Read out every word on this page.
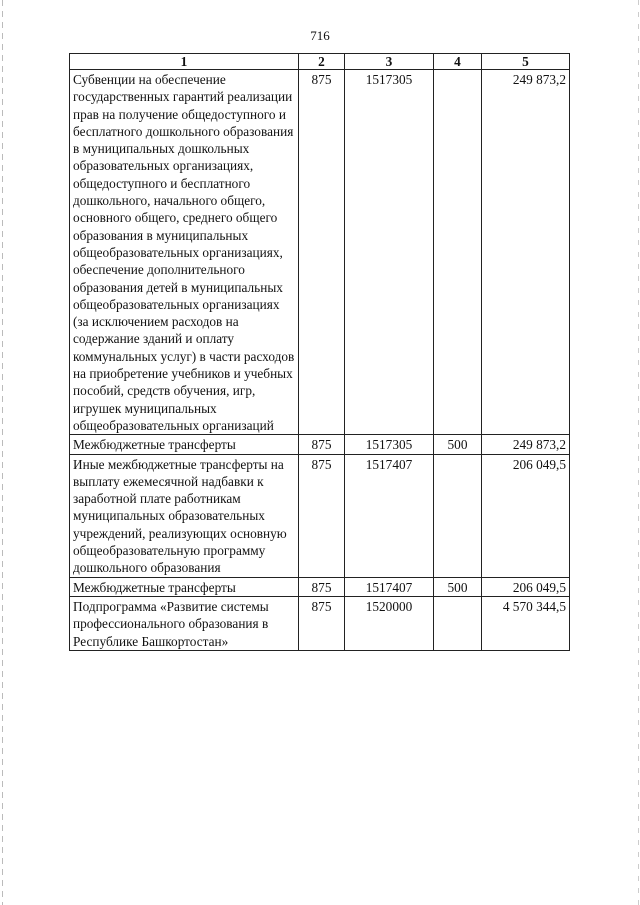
716
1	2	3	4	5
Субвенции на обеспечение государственных гарантий реализации прав на получение общедоступного и бесплатного дошкольного образования в муниципальных дошкольных образовательных организациях, общедоступного и бесплатного дошкольного, начального общего, основного общего, среднего общего образования в муниципальных общеобразовательных организациях, обеспечение дополнительного образования детей в муниципальных общеобразовательных организациях (за исключением расходов на содержание зданий и оплату коммунальных услуг) в части расходов на приобретение учебников и учебных пособий, средств обучения, игр, игрушек муниципальных общеобразовательных организаций	875	1517305		249 873,2
Межбюджетные трансферты	875	1517305	500	249 873,2
Иные межбюджетные трансферты на выплату ежемесячной надбавки к заработной плате работникам муниципальных образовательных учреждений, реализующих основную общеобразовательную программу дошкольного образования	875	1517407		206 049,5
Межбюджетные трансферты	875	1517407	500	206 049,5
Подпрограмма «Развитие системы профессионального образования в Республике Башкортостан»	875	1520000		4 570 344,5
